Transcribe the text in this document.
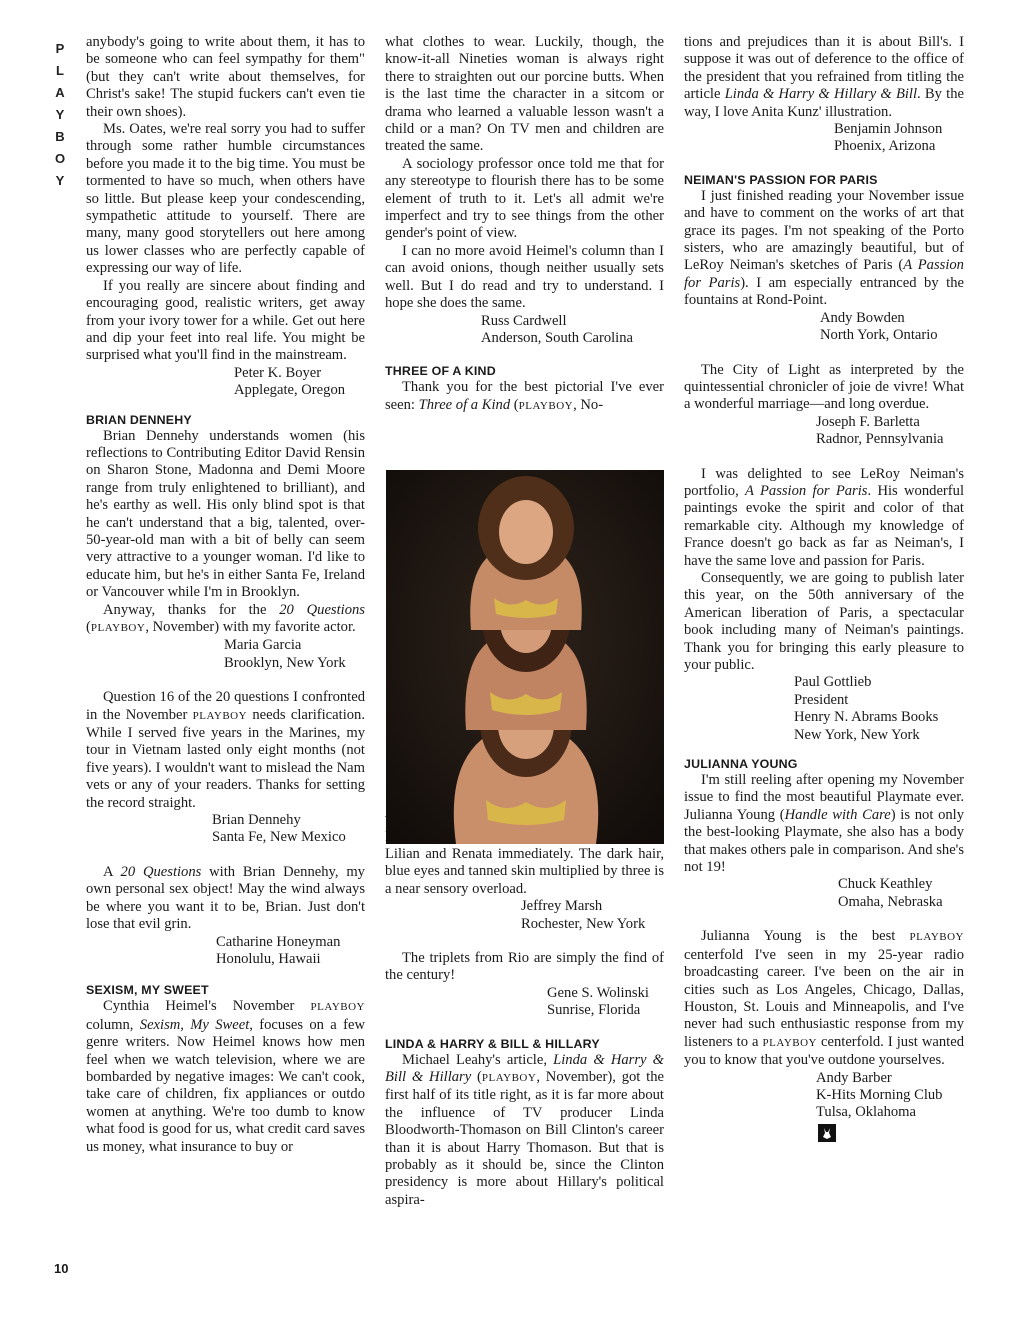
P
L
A
Y
B
O
Y

anybody's going to write about them, it has to be someone who can feel sympathy for them" (but they can't write about themselves, for Christ's sake! The stupid fuckers can't even tie their own shoes).

Ms. Oates, we're real sorry you had to suffer through some rather humble circumstances before you made it to the big time. You must be tormented to have so much, when others have so little. But please keep your condescending, sympathetic attitude to yourself. There are many, many good storytellers out here among us lower classes who are perfectly capable of expressing our way of life.

If you really are sincere about finding and encouraging good, realistic writers, get away from your ivory tower for a while. Get out here and dip your feet into real life. You might be surprised what you'll find in the mainstream.

Peter K. Boyer
Applegate, Oregon
BRIAN DENNEHY

Brian Dennehy understands women (his reflections to Contributing Editor David Rensin on Sharon Stone, Madonna and Demi Moore range from truly enlightened to brilliant), and he's earthy as well. His only blind spot is that he can't understand that a big, talented, over-50-year-old man with a bit of belly can seem very attractive to a younger woman. I'd like to educate him, but he's in either Santa Fe, Ireland or Vancouver while I'm in Brooklyn.

Anyway, thanks for the 20 Questions (PLAYBOY, November) with my favorite actor.

Maria Garcia
Brooklyn, New York

Question 16 of the 20 questions I confronted in the November PLAYBOY needs clarification. While I served five years in the Marines, my tour in Vietnam lasted only eight months (not five years). I wouldn't want to mislead the Nam vets or any of your readers. Thanks for setting the record straight.

Brian Dennehy
Santa Fe, New Mexico

A 20 Questions with Brian Dennehy, my own personal sex object! May the wind always be where you want it to be, Brian. Just don't lose that evil grin.

Catharine Honeyman
Honolulu, Hawaii
SEXISM, MY SWEET

Cynthia Heimel's November PLAYBOY column, Sexism, My Sweet, focuses on a few genre writers. Now Heimel knows how men feel when we watch television, where we are bombarded by negative images: We can't cook, take care of children, fix appliances or outdo women at anything. We're too dumb to know what food is good for us, what credit card saves us money, what insurance to buy or

what clothes to wear. Luckily, though, the know-it-all Nineties woman is always right there to straighten out our porcine butts. When is the last time the character in a sitcom or drama who learned a valuable lesson wasn't a child or a man? On TV men and children are treated the same.

A sociology professor once told me that for any stereotype to flourish there has to be some element of truth to it. Let's all admit we're imperfect and try to see things from the other gender's point of view.

I can no more avoid Heimel's column than I can avoid onions, though neither usually sets well. But I do read and try to understand. I hope she does the same.

Russ Cardwell
Anderson, South Carolina
THREE OF A KIND

Thank you for the best pictorial I've ever seen: Three of a Kind (PLAYBOY, No-

Lilian and Renata immediately. The dark hair, blue eyes and tanned skin multiplied by three is a near sensory overload.

Jeffrey Marsh
Rochester, New York

The triplets from Rio are simply the find of the century!

Gene S. Wolinski
Sunrise, Florida
LINDA & HARRY & BILL & HILLARY

Michael Leahy's article, Linda & Harry & Bill & Hillary (PLAYBOY, November), got the first half of its title right, as it is far more about the influence of TV producer Linda Bloodworth-Thomason on Bill Clinton's career than it is about Harry Thomason. But that is probably as it should be, since the Clinton presidency is more about Hillary's political aspira-

tions and prejudices than it is about Bill's. I suppose it was out of deference to the office of the president that you refrained from titling the article Linda & Harry & Hillary & Bill. By the way, I love Anita Kunz' illustration.

Benjamin Johnson
Phoenix, Arizona
NEIMAN'S PASSION FOR PARIS

I just finished reading your November issue and have to comment on the works of art that grace its pages. I'm not speaking of the Porto sisters, who are amazingly beautiful, but of LeRoy Neiman's sketches of Paris (A Passion for Paris). I am especially entranced by the fountains at Rond-Point.

Andy Bowden
North York, Ontario

The City of Light as interpreted by the quintessential chronicler of joie de vivre! What a wonderful marriage—and long overdue.

Joseph F. Barletta
Radnor, Pennsylvania

I was delighted to see LeRoy Neiman's portfolio, A Passion for Paris. His wonderful paintings evoke the spirit and color of that remarkable city. Although my knowledge of France doesn't go back as far as Neiman's, I have the same love and passion for Paris.

Consequently, we are going to publish later this year, on the 50th anniversary of the American liberation of Paris, a spectacular book including many of Neiman's paintings. Thank you for bringing this early pleasure to your public.

Paul Gottlieb
President
Henry N. Abrams Books
New York, New York
JULIANNA YOUNG

I'm still reeling after opening my November issue to find the most beautiful Playmate ever. Julianna Young (Handle with Care) is not only the best-looking Playmate, she also has a body that makes others pale in comparison. And she's not 19!

Chuck Keathley
Omaha, Nebraska

Julianna Young is the best PLAYBOY centerfold I've seen in my 25-year radio broadcasting career. I've been on the air in cities such as Los Angeles, Chicago, Dallas, Houston, St. Louis and Minneapolis, and I've never had such enthusiastic response from my listeners to a PLAYBOY centerfold. I just wanted you to know that you've outdone yourselves.

Andy Barber
K-Hits Morning Club
Tulsa, Oklahoma
10
